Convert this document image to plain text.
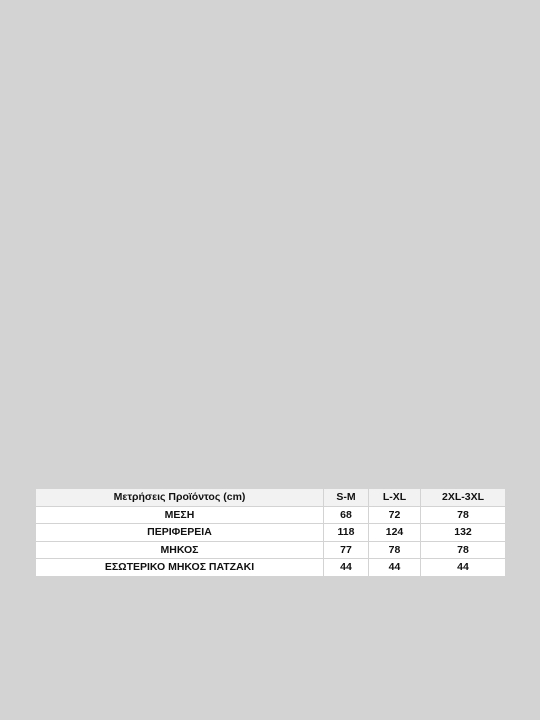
Μετρήσεις Προϊόντος (cm)	S-M	L-XL	2XL-3XL
ΜΕΣΗ	68	72	78
ΠΕΡΙΦΕΡΕΙΑ	118	124	132
ΜΗΚΟΣ	77	78	78
ΕΣΩΤΕΡΙΚΟ ΜΗΚΟΣ ΠΑΤΖΑΚΙ	44	44	44
